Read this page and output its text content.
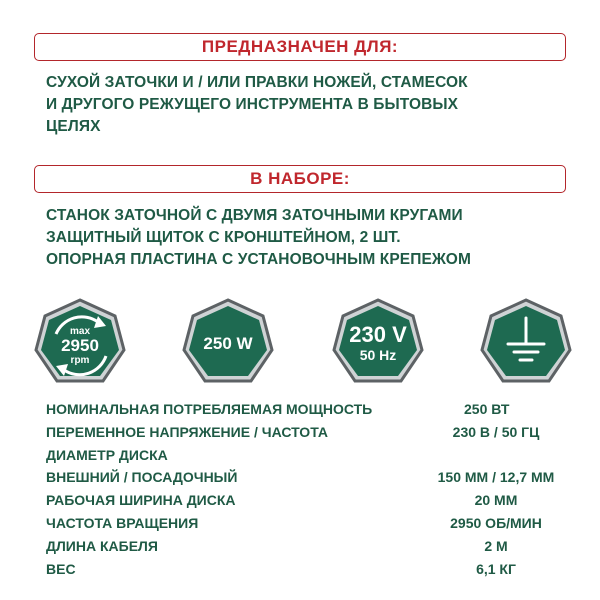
ПРЕДНАЗНАЧЕН ДЛЯ:
СУХОЙ ЗАТОЧКИ И / ИЛИ ПРАВКИ НОЖЕЙ, СТАМЕСОК
И ДРУГОГО РЕЖУЩЕГО ИНСТРУМЕНТА В БЫТОВЫХ
ЦЕЛЯХ
В НАБОРЕ:
СТАНОК ЗАТОЧНОЙ С ДВУМЯ ЗАТОЧНЫМИ КРУГАМИ
ЗАЩИТНЫЙ ЩИТОК С КРОНШТЕЙНОМ, 2 ШТ.
ОПОРНАЯ ПЛАСТИНА С УСТАНОВОЧНЫМ КРЕПЕЖОМ
max
2950
rpm
250 W	230 V
50 Hz
НОМИНАЛЬНАЯ ПОТРЕБЛЯЕМАЯ МОЩНОСТЬ	250 ВТ
ПЕРЕМЕННОЕ НАПРЯЖЕНИЕ / ЧАСТОТА	230 В / 50 ГЦ
ДИАМЕТР ДИСКА
ВНЕШНИЙ / ПОСАДОЧНЫЙ	150 ММ / 12,7 ММ
РАБОЧАЯ ШИРИНА ДИСКА	20 ММ
ЧАСТОТА ВРАЩЕНИЯ	2950 ОБ/МИН
ДЛИНА КАБЕЛЯ	2 М
ВЕС	6,1 КГ
